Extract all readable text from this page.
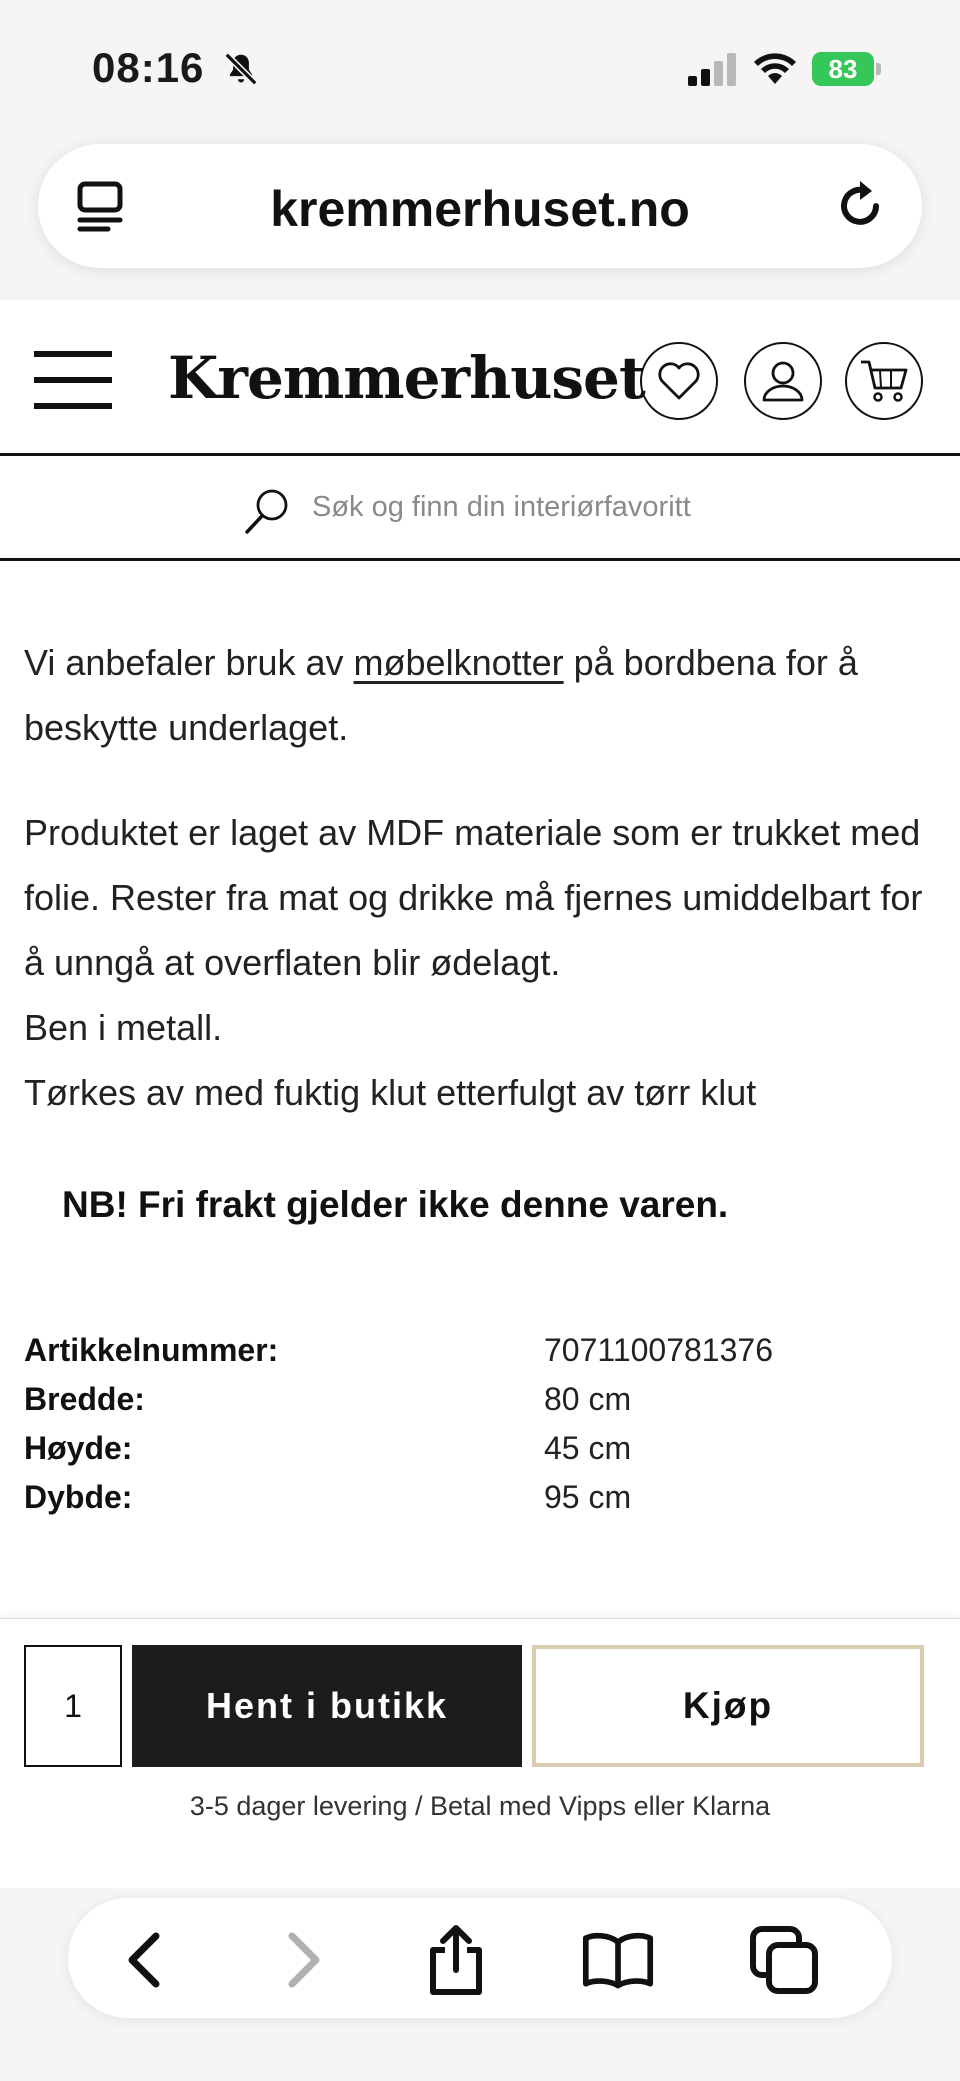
08:16	83
kremmerhuset.no
Kremmerhuset
Søk og finn din interiørfavoritt

Vi anbefaler bruk av møbelknotter på bordbena for å beskytte underlaget.

Produktet er laget av MDF materiale som er trukket med folie. Rester fra mat og drikke må fjernes umiddelbart for å unngå at overflaten blir ødelagt.
Ben i metall.
Tørkes av med fuktig klut etterfulgt av tørr klut
NB! Fri frakt gjelder ikke denne varen.
Artikkelnummer:	7071100781376
Bredde:	80 cm
Høyde:	45 cm
Dybde:	95 cm
1	Hent i butikk	Kjøp
3-5 dager levering / Betal med Vipps eller Klarna
